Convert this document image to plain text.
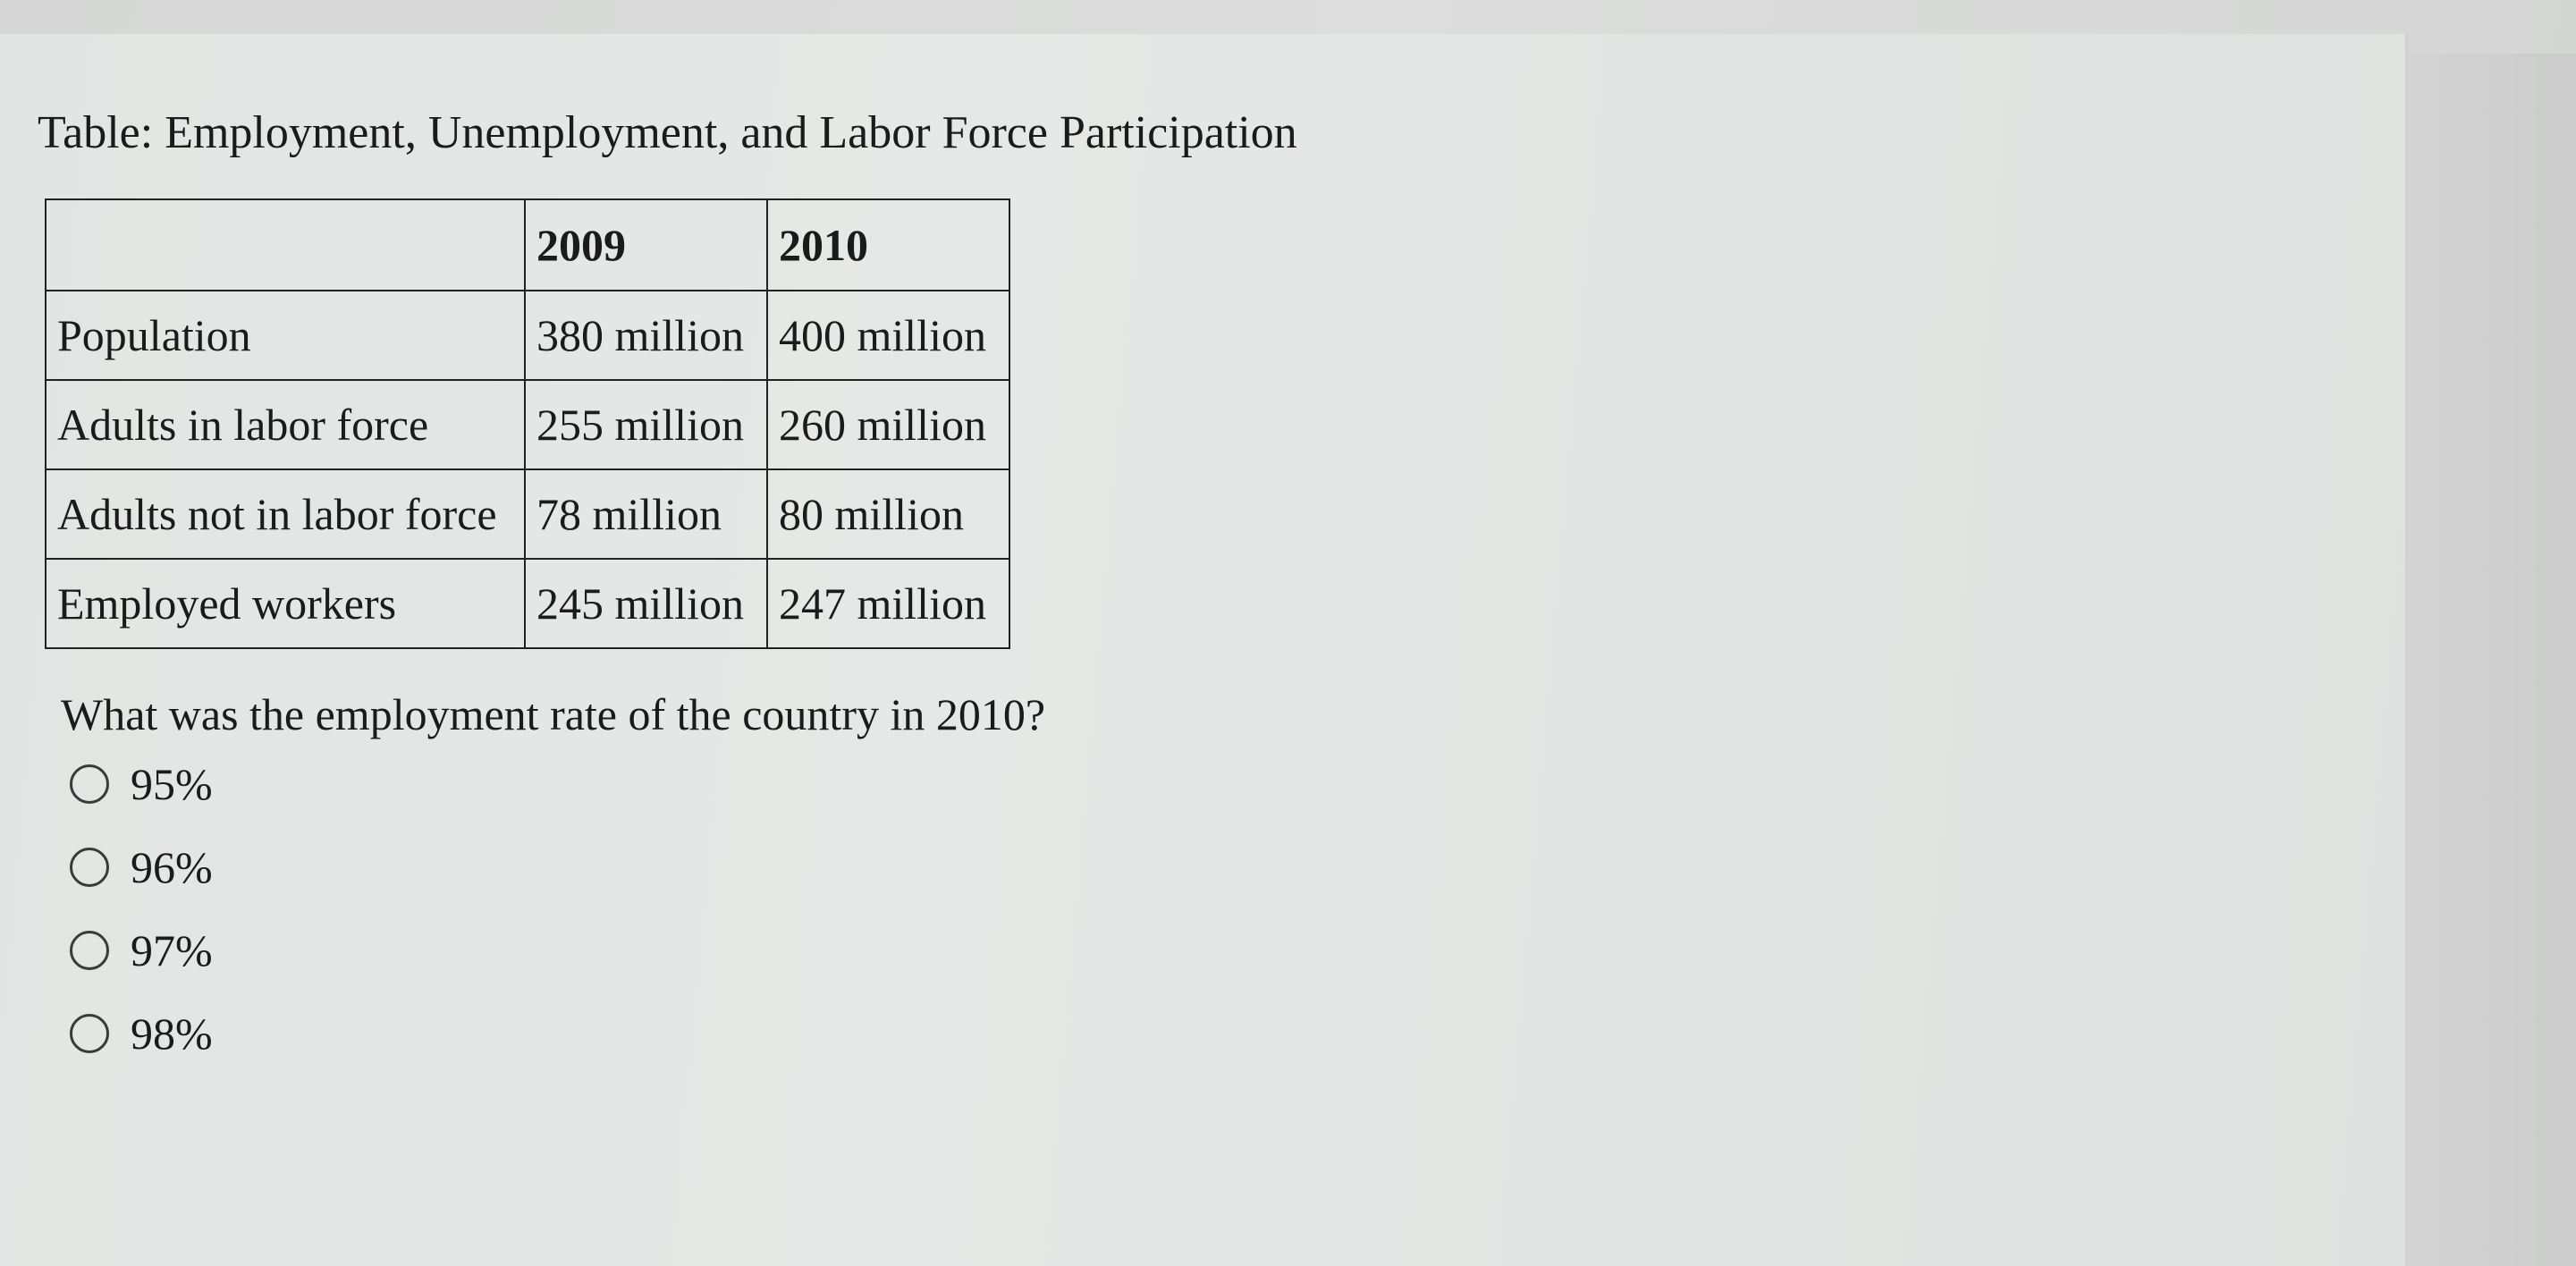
Table: Employment, Unemployment, and Labor Force Participation
	2009	2010
Population	380 million	400 million
Adults in labor force	255 million	260 million
Adults not in labor force	78 million	80 million
Employed workers	245 million	247 million
What was the employment rate of the country in 2010?
95%
96%
97%
98%
